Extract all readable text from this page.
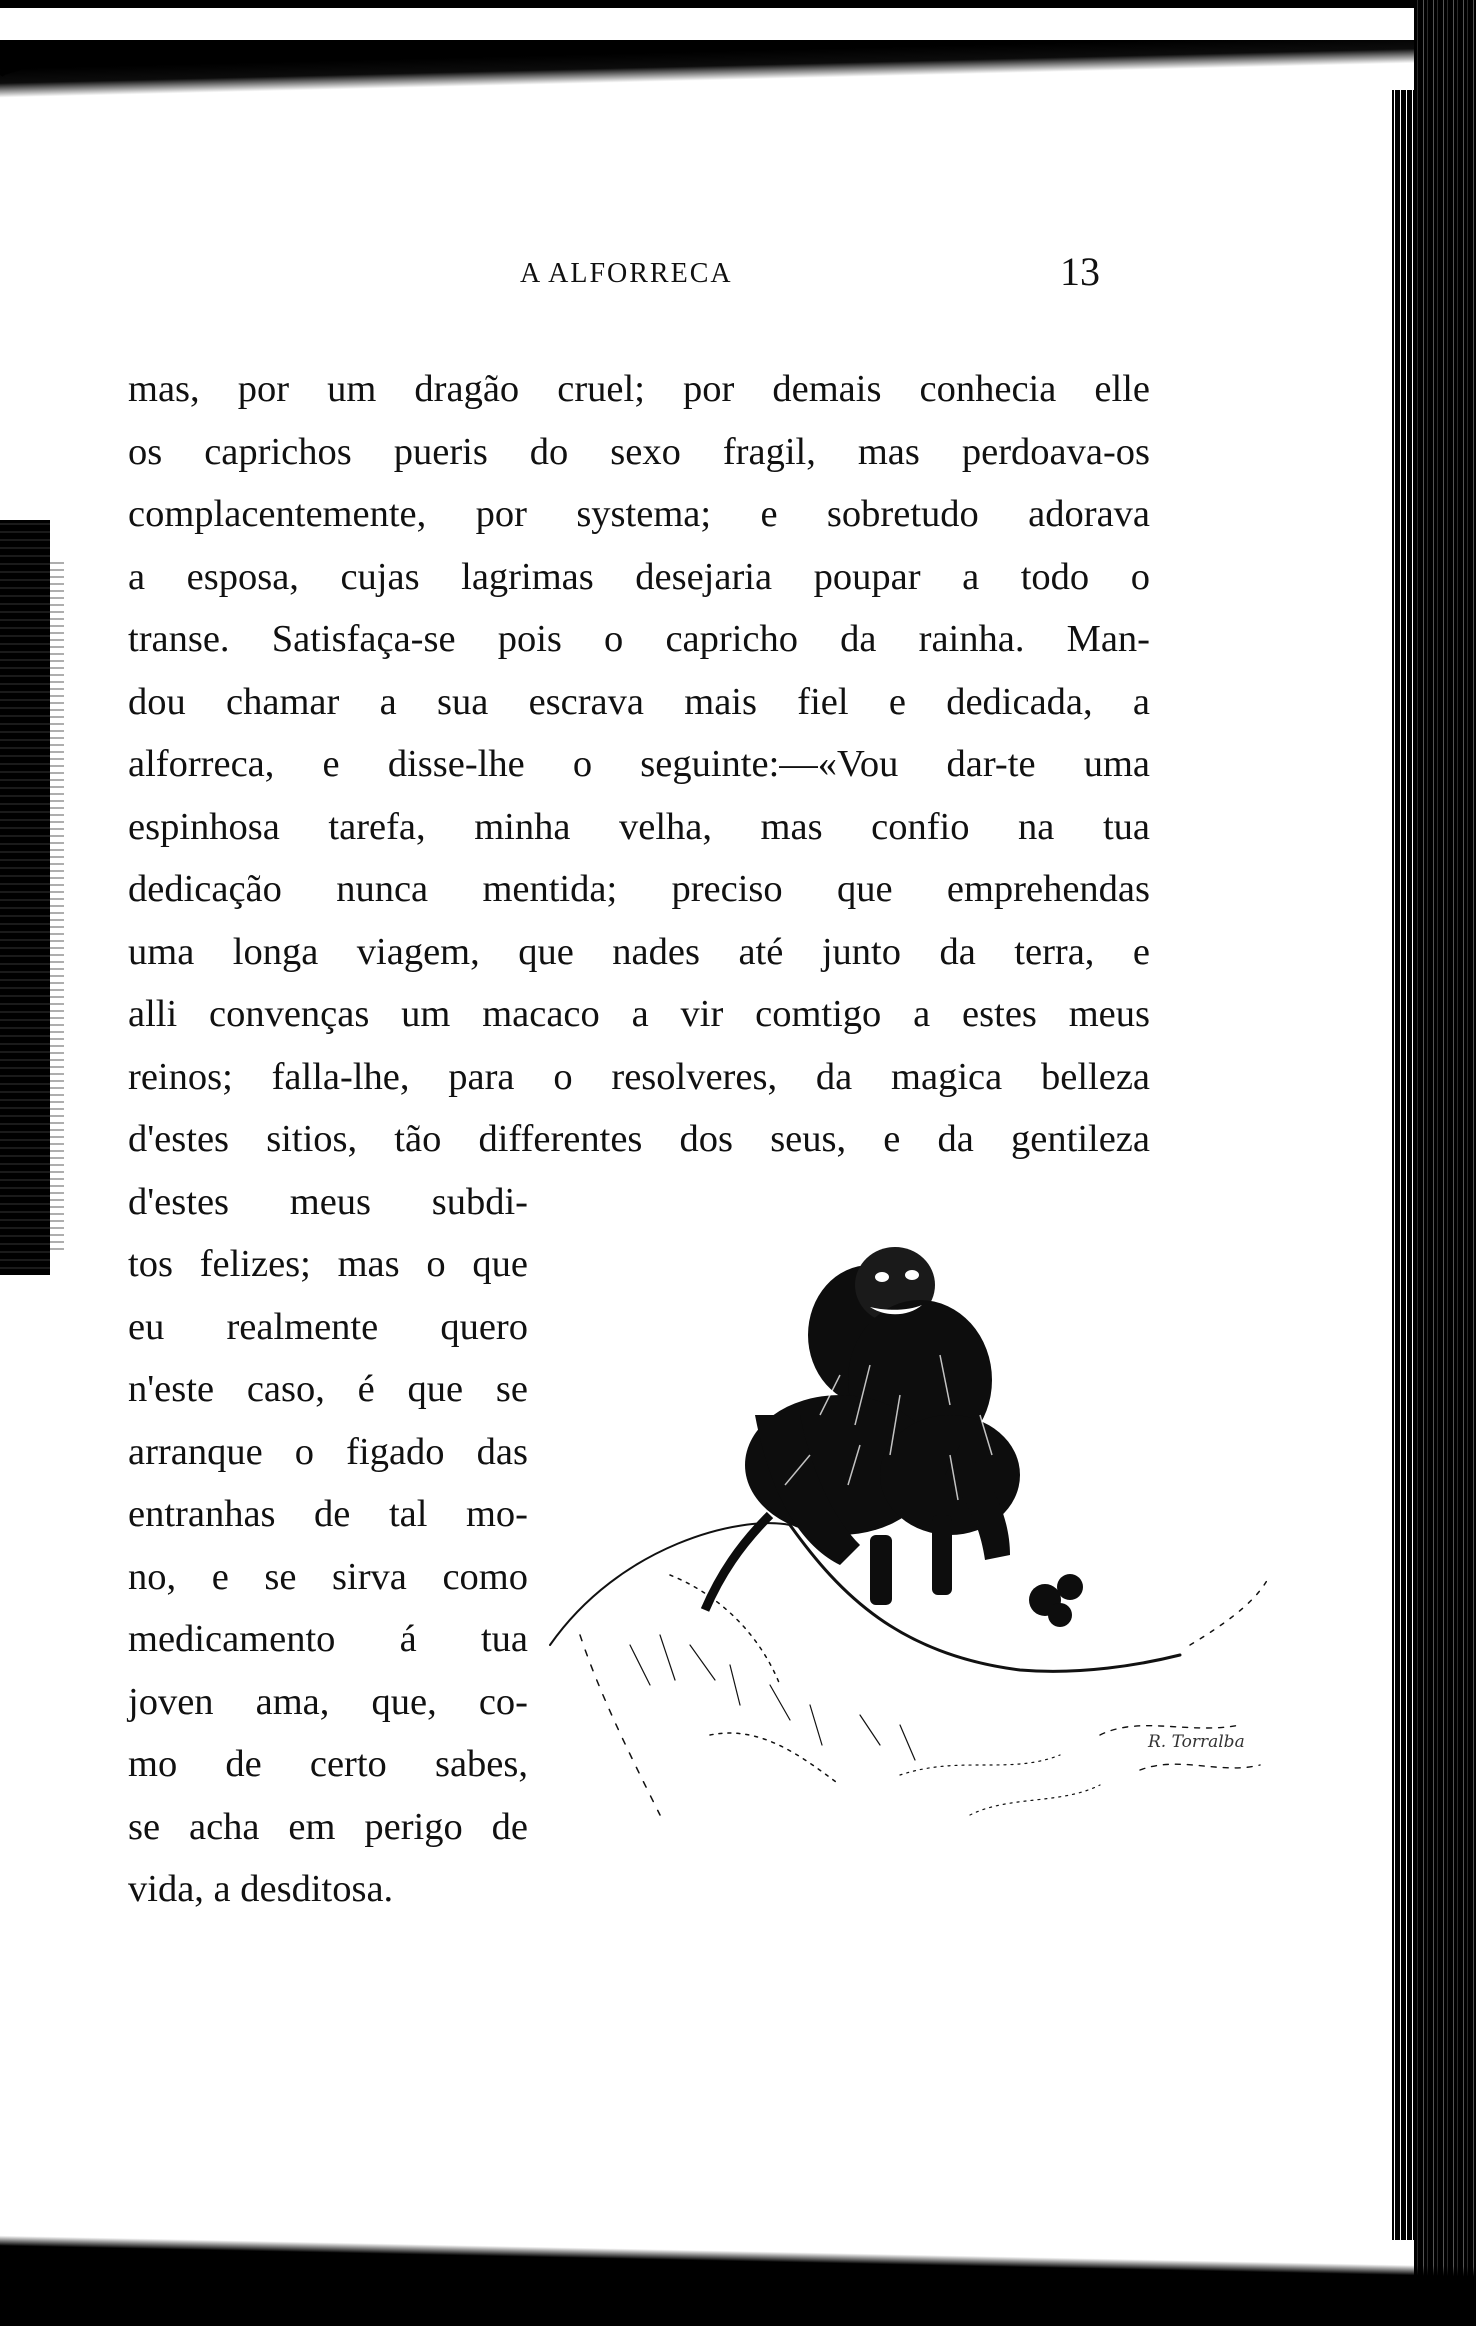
A ALFORRECA	13
mas, por um dragão cruel; por demais conhecia elle
os caprichos pueris do sexo fragil, mas perdoava-os
complacentemente, por systema; e sobretudo adorava
a esposa, cujas lagrimas desejaria poupar a todo o
transe. Satisfaça-se pois o capricho da rainha. Man-
dou chamar a sua escrava mais fiel e dedicada, a
alforreca, e disse-lhe o seguinte:—«Vou dar-te uma
espinhosa tarefa, minha velha, mas confio na tua
dedicação nunca mentida; preciso que emprehendas
uma longa viagem, que nades até junto da terra, e
alli convenças um macaco a vir comtigo a estes meus
reinos; falla-lhe, para o resolveres, da magica belleza
d'estes sitios, tão differentes dos seus, e da gentileza
d'estes meus subdi-
tos felizes; mas o que
eu realmente quero
n'este caso, é que se
arranque o figado das
entranhas de tal mo-
no, e se sirva como
medicamento á tua
joven ama, que, co-
mo de certo sabes,
se acha em perigo de
vida, a desditosa.
R. Torralba
